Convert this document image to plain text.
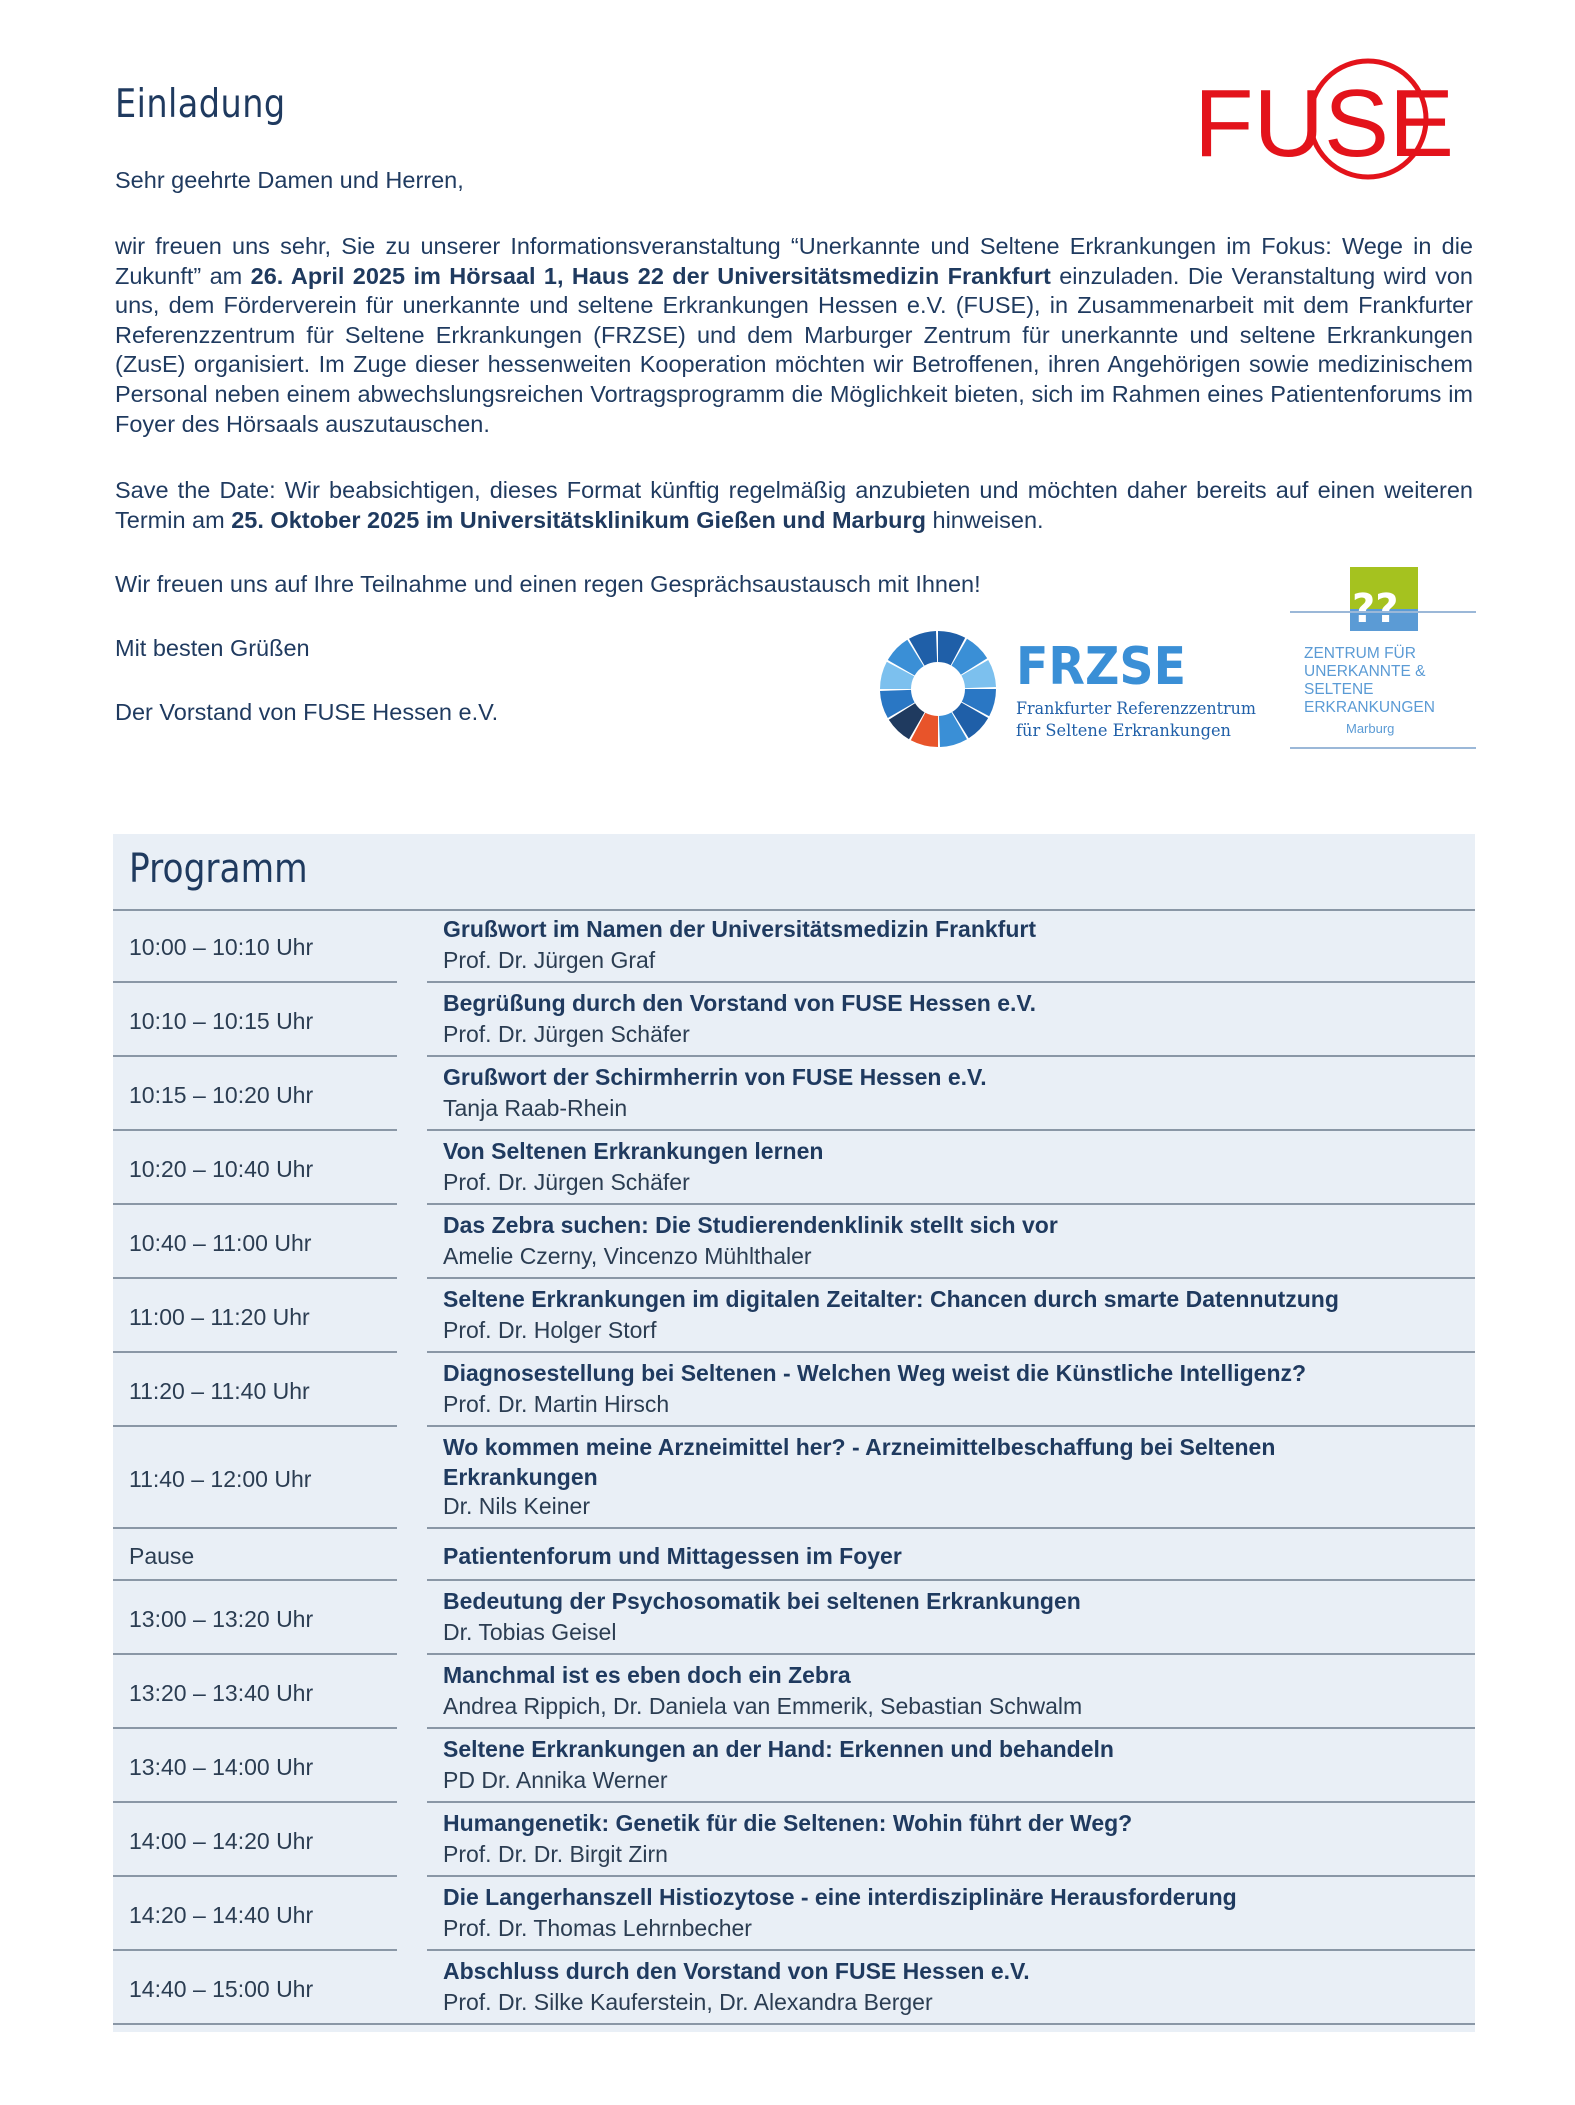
Einladung	FUSE
Sehr geehrte Damen und Herren,
wir freuen uns sehr, Sie zu unserer Informationsveranstaltung “Unerkannte und Seltene Erkrankungen im Fokus: Wege in die Zukunft” am 26. April 2025 im Hörsaal 1, Haus 22 der Universitätsmedizin Frankfurt einzuladen. Die Veranstaltung wird von uns, dem Förderverein für unerkannte und seltene Erkrankungen Hessen e.V. (FUSE), in Zusammenarbeit mit dem Frankfurter Referenzzentrum für Seltene Erkrankungen (FRZSE) und dem Marburger Zentrum für unerkannte und seltene Erkrankungen (ZusE) organisiert. Im Zuge dieser hessenweiten Kooperation möchten wir Betroffenen, ihren Angehörigen sowie medizinischem Personal neben einem abwechslungsreichen Vortragsprogramm die Möglichkeit bieten, sich im Rahmen eines Patientenforums im Foyer des Hörsaals auszutauschen.
Save the Date: Wir beabsichtigen, dieses Format künftig regelmäßig anzubieten und möchten daher bereits auf einen weiteren Termin am 25. Oktober 2025 im Universitätsklinikum Gießen und Marburg hinweisen.
Wir freuen uns auf Ihre Teilnahme und einen regen Gesprächsaustausch mit Ihnen!
Mit besten Grüßen
Der Vorstand von FUSE Hessen e.V.
FRZSE
Frankfurter Referenzzentrum
für Seltene Erkrankungen
??
ZENTRUM FÜR
UNERKANNTE &
SELTENE
ERKRANKUNGEN
Marburg
Programm
10:00 – 10:10 Uhr
Grußwort im Namen der Universitätsmedizin Frankfurt
Prof. Dr. Jürgen Graf
10:10 – 10:15 Uhr
Begrüßung durch den Vorstand von FUSE Hessen e.V.
Prof. Dr. Jürgen Schäfer
10:15 – 10:20 Uhr
Grußwort der Schirmherrin von FUSE Hessen e.V.
Tanja Raab-Rhein
10:20 – 10:40 Uhr
Von Seltenen Erkrankungen lernen
Prof. Dr. Jürgen Schäfer
10:40 – 11:00 Uhr
Das Zebra suchen: Die Studierendenklinik stellt sich vor
Amelie Czerny, Vincenzo Mühlthaler
11:00 – 11:20 Uhr
Seltene Erkrankungen im digitalen Zeitalter: Chancen durch smarte Datennutzung
Prof. Dr. Holger Storf
11:20 – 11:40 Uhr
Diagnosestellung bei Seltenen - Welchen Weg weist die Künstliche Intelligenz?
Prof. Dr. Martin Hirsch
11:40 – 12:00 Uhr
Wo kommen meine Arzneimittel her? - Arzneimittelbeschaffung bei Seltenen Erkrankungen
Dr. Nils Keiner
Pause	Patientenforum und Mittagessen im Foyer
13:00 – 13:20 Uhr
Bedeutung der Psychosomatik bei seltenen Erkrankungen
Dr. Tobias Geisel
13:20 – 13:40 Uhr
Manchmal ist es eben doch ein Zebra
Andrea Rippich, Dr. Daniela van Emmerik, Sebastian Schwalm
13:40 – 14:00 Uhr
Seltene Erkrankungen an der Hand: Erkennen und behandeln
PD Dr. Annika Werner
14:00 – 14:20 Uhr
Humangenetik: Genetik für die Seltenen: Wohin führt der Weg?
Prof. Dr. Dr. Birgit Zirn
14:20 – 14:40 Uhr
Die Langerhanszell Histiozytose - eine interdisziplinäre Herausforderung
Prof. Dr. Thomas Lehrnbecher
14:40 – 15:00 Uhr
Abschluss durch den Vorstand von FUSE Hessen e.V.
Prof. Dr. Silke Kauferstein, Dr. Alexandra Berger
